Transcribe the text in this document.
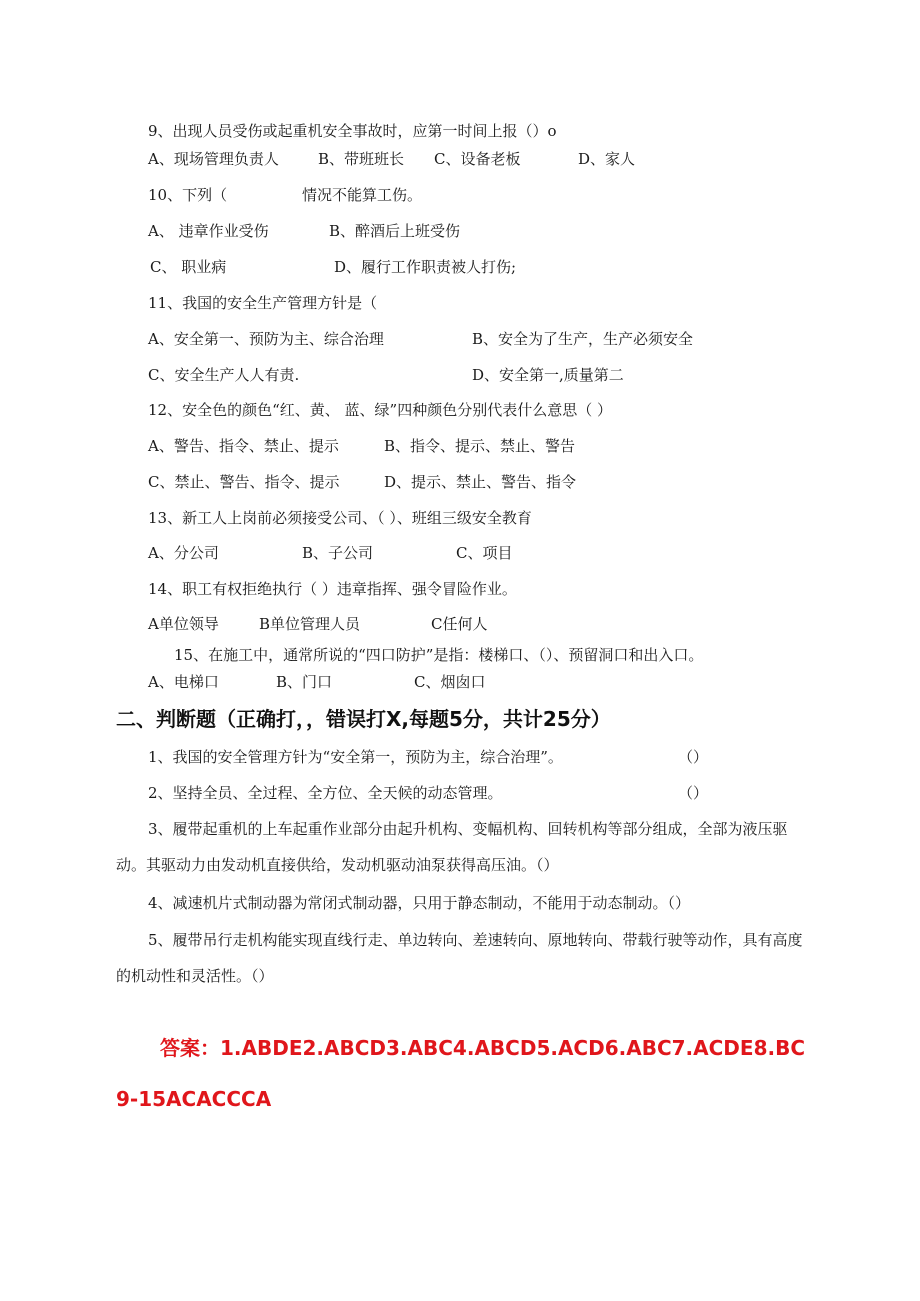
9、出现人员受伤或起重机安全事故时，应第一时间上报（）o
A、现场管理负责人	B、带班班长 C、设备老板	D、家人
10、下列（	情况不能算工伤。
A、 违章作业受伤	B、醉酒后上班受伤
C、 职业病	D、履行工作职责被人打伤;
11、我国的安全生产管理方针是（
A、安全第一、预防为主、综合治理	B、安全为了生产，生产必须安全
C、安全生产人人有责.	D、安全第一,质量第二
12、安全色的颜色“红、黄、 蓝、绿”四种颜色分别代表什么意思（ ）
A、警告、指令、禁止、提示	B、指令、提示、禁止、警告
C、禁止、警告、指令、提示	D、提示、禁止、警告、指令
13、新工人上岗前必须接受公司、（ ）、班组三级安全教育
A、分公司	B、子公司	C、项目
14、职工有权拒绝执行（ ）违章指挥、强令冒险作业。
A单位领导	B单位管理人员	C任何人
15、在施工中，通常所说的“四口防护”是指：楼梯口、（）、预留洞口和出入口。
A、电梯口	B、门口	C、烟囱口
二、判断题（正确打，，错误打X,每题5分，共计25分）
1、我国的安全管理方针为“安全第一，预防为主，综合治理”。	（）
2、坚持全员、全过程、全方位、全天候的动态管理。	（）
3、履带起重机的上车起重作业部分由起升机构、变幅机构、回转机构等部分组成，全部为液压驱动。其驱动力由发动机直接供给，发动机驱动油泵获得高压油。（）
4、减速机片式制动器为常闭式制动器，只用于静态制动，不能用于动态制动。（）
5、履带吊行走机构能实现直线行走、单边转向、差速转向、原地转向、带载行驶等动作，具有高度的机动性和灵活性。（）
答案：1.ABDE2.ABCD3.ABC4.ABCD5.ACD6.ABC7.ACDE8.BC
9-15ACACCCA
